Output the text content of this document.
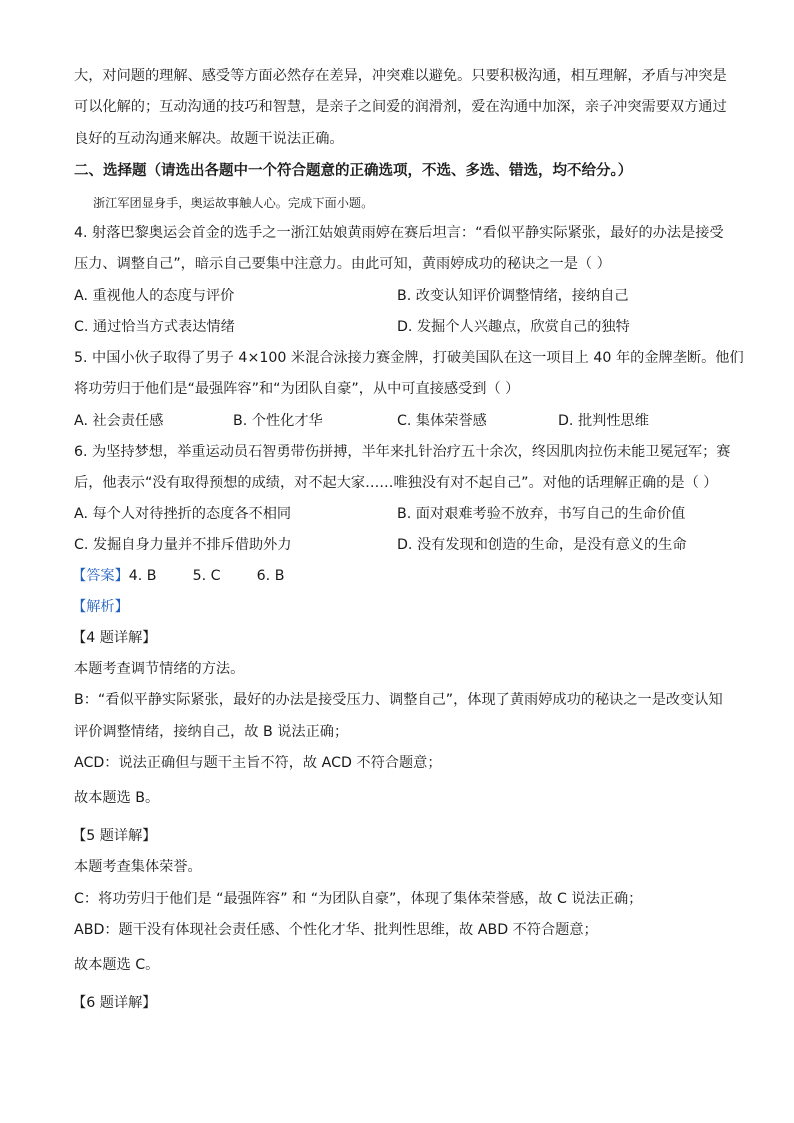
大，对问题的理解、感受等方面必然存在差异，冲突难以避免。只要积极沟通，相互理解，矛盾与冲突是
可以化解的；互动沟通的技巧和智慧，是亲子之间爱的润滑剂，爱在沟通中加深，亲子冲突需要双方通过
良好的互动沟通来解决。故题干说法正确。
二、选择题（请选出各题中一个符合题意的正确选项，不选、多选、错选，均不给分。）
浙江军团显身手，奥运故事触人心。完成下面小题。
4. 射落巴黎奥运会首金的选手之一浙江姑娘黄雨婷在赛后坦言：“看似平静实际紧张，最好的办法是接受
压力、调整自己”，暗示自己要集中注意力。由此可知，黄雨婷成功的秘诀之一是（ ）
A. 重视他人的态度与评价	B. 改变认知评价调整情绪，接纳自己
C. 通过恰当方式表达情绪	D. 发掘个人兴趣点，欣赏自己的独特
5. 中国小伙子取得了男子 4×100 米混合泳接力赛金牌，打破美国队在这一项目上 40 年的金牌垄断。他们
将功劳归于他们是“最强阵容”和“为团队自豪”，从中可直接感受到（ ）
A. 社会责任感	B. 个性化才华	C. 集体荣誉感	D. 批判性思维
6. 为坚持梦想，举重运动员石智勇带伤拼搏，半年来扎针治疗五十余次，终因肌肉拉伤未能卫冕冠军；赛
后，他表示“没有取得预想的成绩，对不起大家……唯独没有对不起自己”。对他的话理解正确的是（ ）
A. 每个人对待挫折的态度各不相同	B. 面对艰难考验不放弃，书写自己的生命价值
C. 发掘自身力量并不排斥借助外力	D. 没有发现和创造的生命，是没有意义的生命
【答案】4. B        5. C        6. B
【解析】
【4 题详解】
本题考查调节情绪的方法。
B：“看似平静实际紧张，最好的办法是接受压力、调整自己”，体现了黄雨婷成功的秘诀之一是改变认知
评价调整情绪，接纳自己，故 B 说法正确；
ACD：说法正确但与题干主旨不符，故 ACD 不符合题意；
故本题选 B。
【5 题详解】
本题考查集体荣誉。
C：将功劳归于他们是 “最强阵容” 和 “为团队自豪”，体现了集体荣誉感，故 C 说法正确；
ABD：题干没有体现社会责任感、个性化才华、批判性思维，故 ABD 不符合题意；
故本题选 C。
【6 题详解】
